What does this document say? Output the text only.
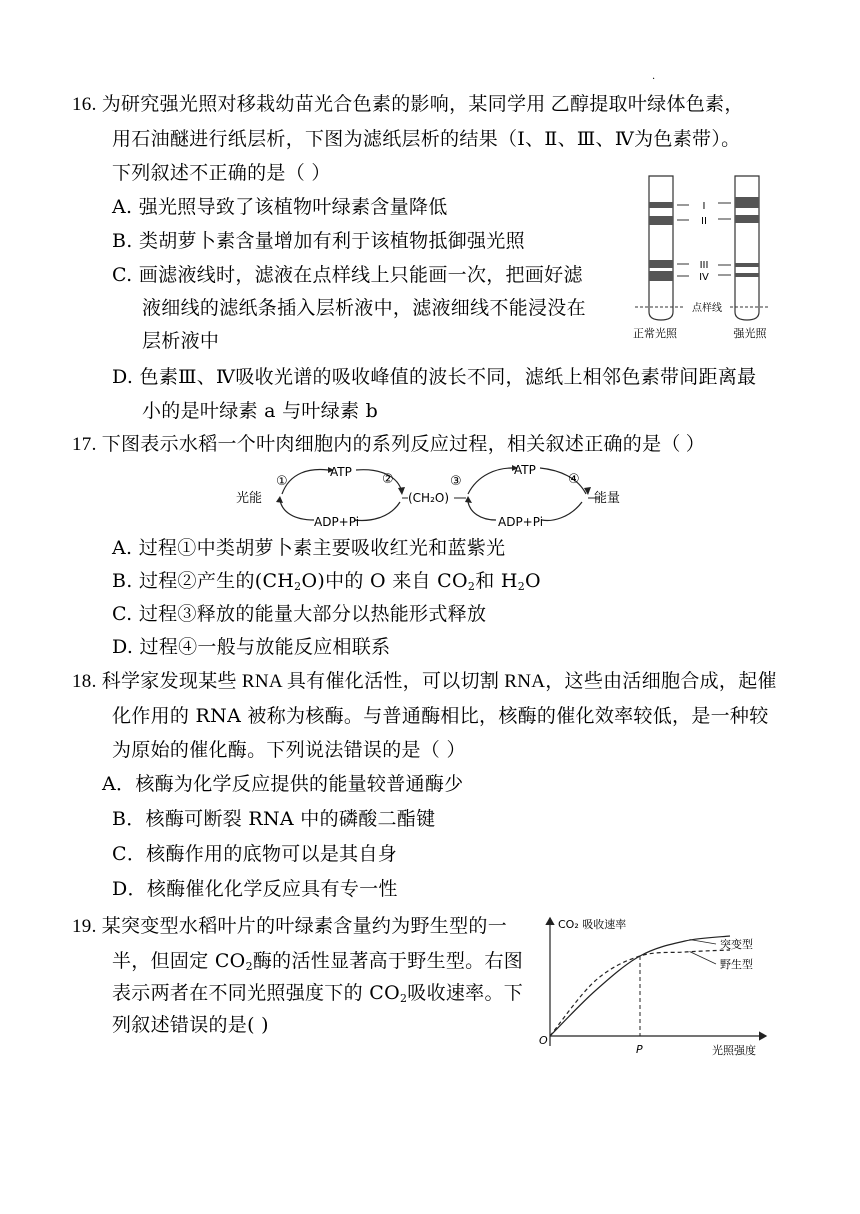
.
16. 为研究强光照对移栽幼苗光合色素的影响，某同学用 乙醇提取叶绿体色素，
用石油醚进行纸层析，下图为滤纸层析的结果（Ⅰ、Ⅱ、Ⅲ、Ⅳ为色素带）。
下列叙述不正确的是（ ）
A. 强光照导致了该植物叶绿素含量降低
B. 类胡萝卜素含量增加有利于该植物抵御强光照
C. 画滤液线时，滤液在点样线上只能画一次，把画好滤
液细线的滤纸条插入层析液中，滤液细线不能浸没在
层析液中
D. 色素Ⅲ、Ⅳ吸收光谱的吸收峰值的波长不同，滤纸上相邻色素带间距离最
小的是叶绿素 a 与叶绿素 b
I
II
III
IV
点样线
正常光照	强光照
17. 下图表示水稻一个叶肉细胞内的系列反应过程，相关叙述正确的是（ ）
光能
①
ATP
ADP+Pi
②
(CH₂O)
③
ATP
ADP+Pi
④
能量
A. 过程①中类胡萝卜素主要吸收红光和蓝紫光
B. 过程②产生的$(CH_2O)$中的 O 来自 $CO_2$和 $H_2O$
C. 过程③释放的能量大部分以热能形式释放
D. 过程④一般与放能反应相联系
18. 科学家发现某些 RNA 具有催化活性，可以切割 RNA，这些由活细胞合成，起催
化作用的 RNA 被称为核酶。与普通酶相比，核酶的催化效率较低，是一种较
为原始的催化酶。下列说法错误的是（ ）
A．核酶为化学反应提供的能量较普通酶少
B．核酶可断裂 RNA 中的磷酸二酯键
C．核酶作用的底物可以是其自身
D．核酶催化化学反应具有专一性
19. 某突变型水稻叶片的叶绿素含量约为野生型的一
半，但固定 $CO_2$酶的活性显著高于野生型。右图
表示两者在不同光照强度下的 $CO_2$吸收速率。下
列叙述错误的是( )
CO₂ 吸收速率
光照强度
O
P
突变型
野生型
